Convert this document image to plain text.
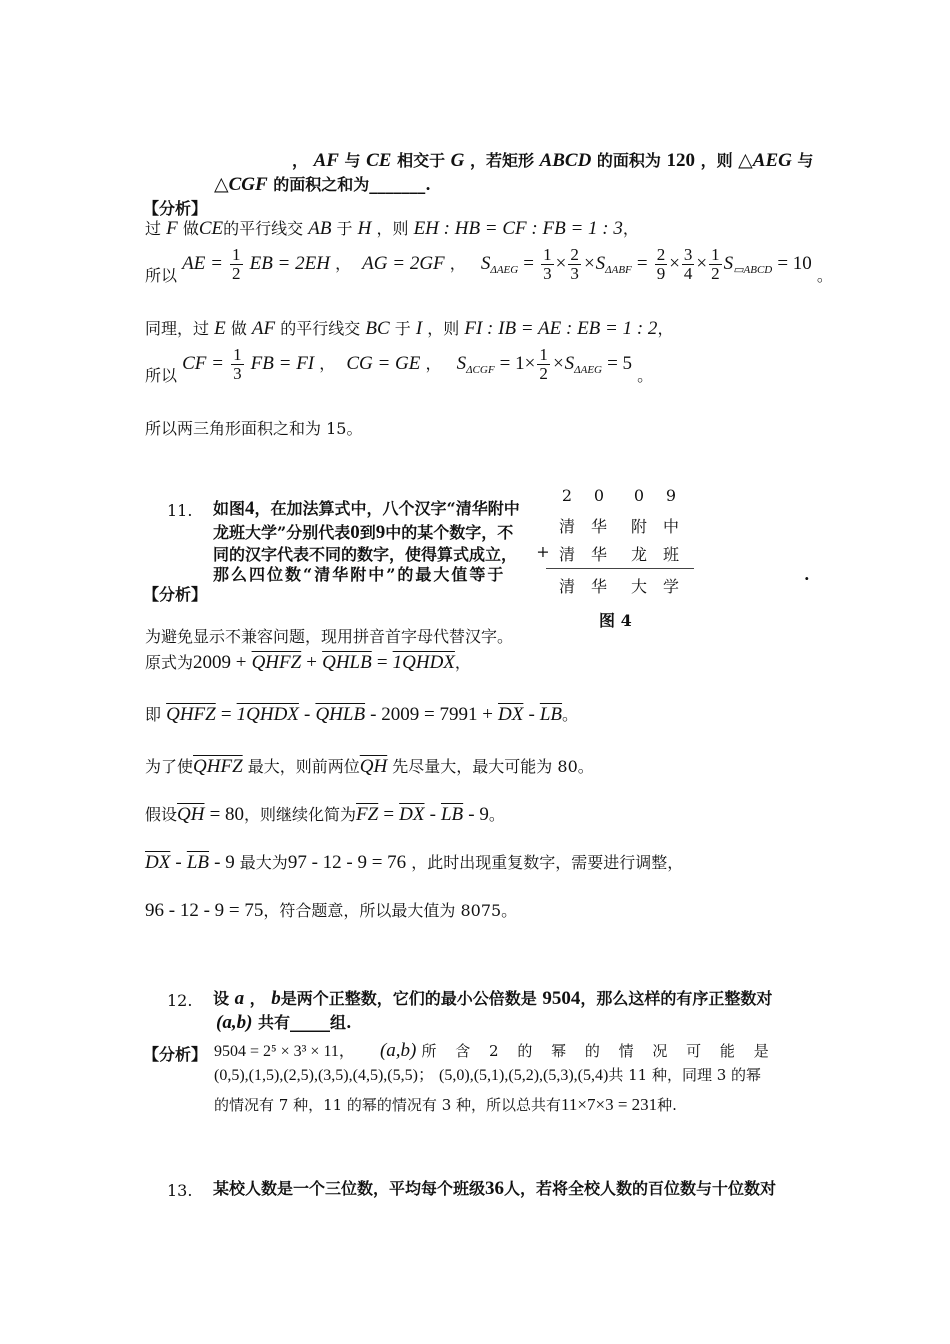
， AF 与 CE 相交于 G ，若矩形 ABCD 的面积为 120 ，则 △AEG 与
△CGF 的面积之和为_______.
【分析】
过 F 做CE的平行线交 AB 于 H ，则 EH : HB = CF : FB = 1 : 3，
所以 AE = $\frac{1}{2}$ EB = 2EH ， AG = 2GF ， $S_{\Delta AEG} = \frac{1}{3} \times \frac{2}{3} \times S_{\Delta ABF} = \frac{2}{9} \times \frac{3}{4} \times \frac{1}{2} S_{▭ABCD} = 10$ 。
同理，过 E 做 AF 的平行线交 BC 于 I ，则 FI : IB = AE : EB = 1 : 2，
所以 CF = $\frac{1}{3}$ FB = FI ， CG = GE ， $S_{\Delta CGF} = 1\times \frac{1}{2} \times S_{\Delta AEG} = 5$ 。
所以两三角形面积之和为 15。
11. 如图4，在加法算式中，八个汉字“清华附中
龙班大学”分别代表0到9中的某个数字，不
同的汉字代表不同的数字，使得算式成立，
那么四位数“清华附中”的最大值等于	.
2	0	0	9
清 华	附 中
+ 清 华	龙 班
清 华	大 学
图 4
【分析】
为避免显示不兼容问题，现用拼音首字母代替汉字。
原式为2009 + QHFZ + QHLB = 1QHDX，
即 QHFZ = 1QHDX - QHLB - $2009 = 7991 + \overline{DX} - \overline{LB}$。
为了使QHFZ 最大，则前两位$\overline{QH}$ 先尽量大，最大可能为 80。
假设$\overline{QH} = 80$，则继续化简为$\overline{FZ} = \overline{DX} - \overline{LB} - 9$。
$\overline{DX} - \overline{LB} - 9$ 最大为97 - 12 - 9 = 76 ，此时出现重复数字，需要进行调整，
96 - 12 - 9 = 75，符合题意，所以最大值为 8075。
12. 设 a ， b是两个正整数，它们的最小公倍数是 9504，那么这样的有序正整数对
(a,b) 共有_____组.
【分析】 9504 = 2⁵ × 3³ × 11， (a,b) 所 含 2 的 幂 的 情 况 可 能 是
(0,5),(1,5),(2,5),(3,5),(4,5),(5,5)； (5,0),(5,1),(5,2),(5,3),(5,4)共 11 种，同理 3 的幂
的情况有 7 种，11 的幂的情况有 3 种，所以总共有11×7×3 = 231种.
13. 某校人数是一个三位数，平均每个班级36人，若将全校人数的百位数与十位数对
